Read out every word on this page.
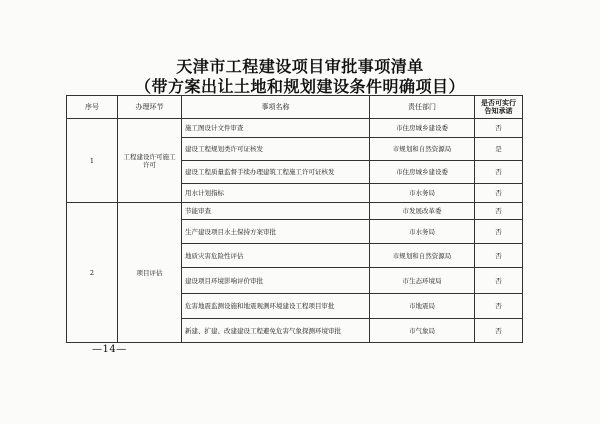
天津市工程建设项目审批事项清单
（带方案出让土地和规划建设条件明确项目）
序号	办理环节	事项名称	责任部门	是否可实行告知承诺
1	工程建设许可施工许可	施工图设计文件审查	市住房城乡建设委	否
		建设工程规划类许可证核发	市规划和自然资源局	是
		建设工程质量监督手续办理建筑工程施工许可证核发	市住房城乡建设委	否
		用水计划指标	市水务局	否
2	项目评估	节能审查	市发展改革委	否
		生产建设项目水土保持方案审批	市水务局	否
		地质灾害危险性评估	市规划和自然资源局	否
		建设项目环境影响评价审批	市生态环境局	否
		危害地震监测设施和地震观测环境建设工程项目审批	市地震局	否
		新建、扩建、改建建设工程避免危害气象探测环境审批	市气象局	否
—14—
